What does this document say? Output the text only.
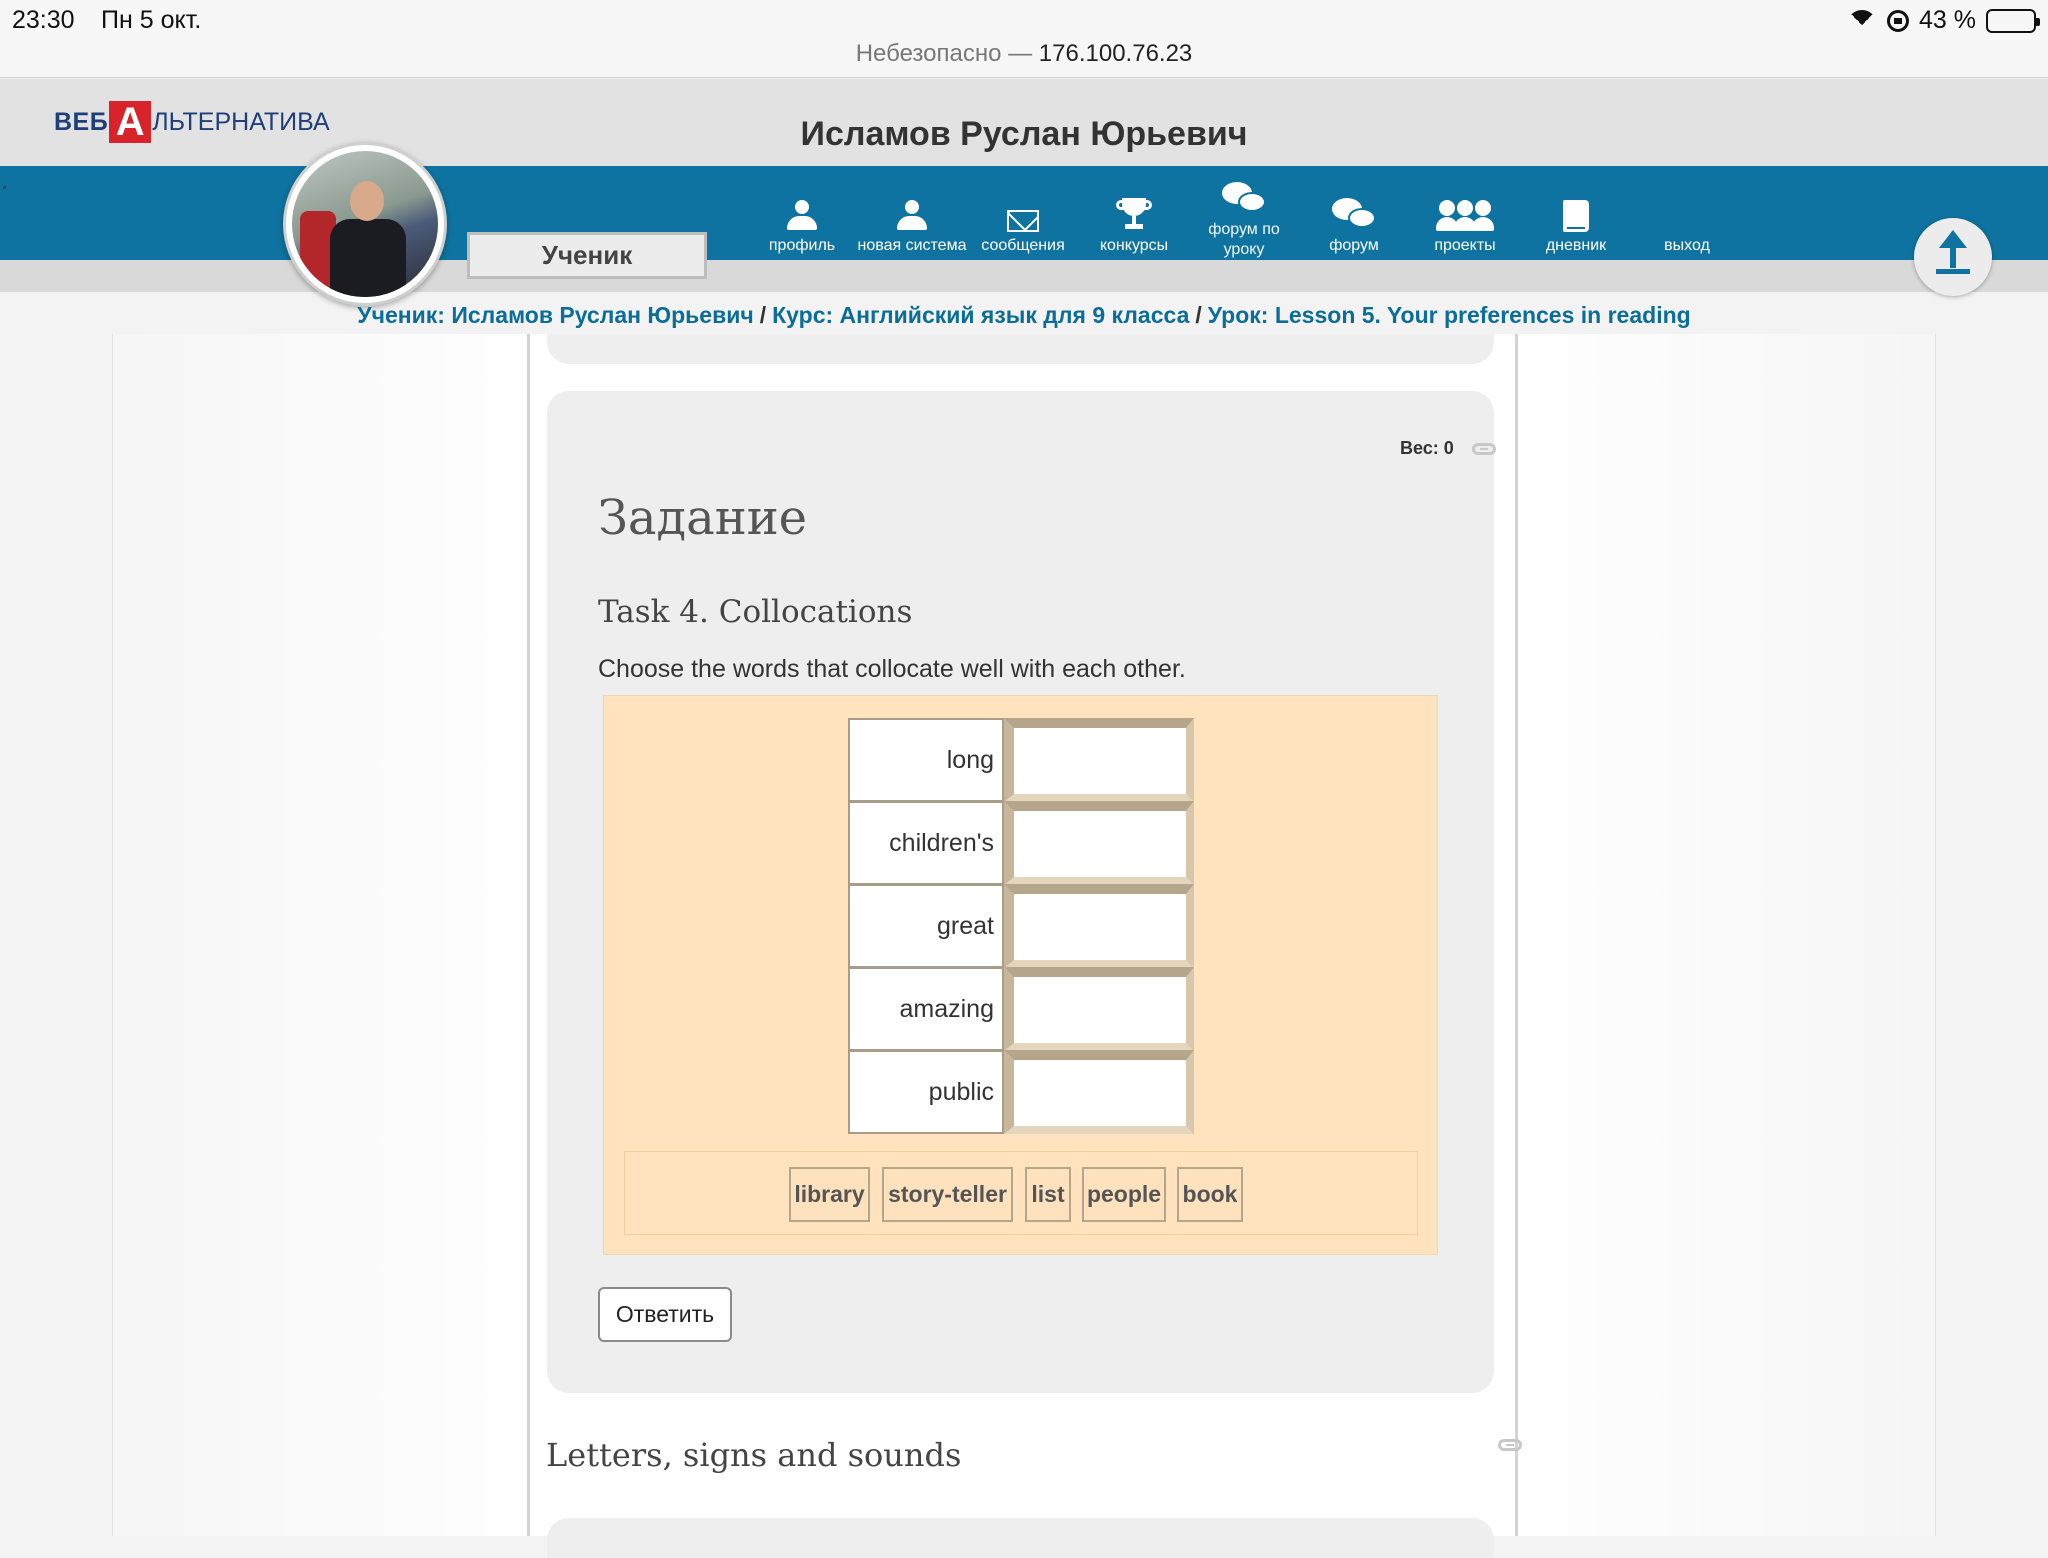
23:30 Пн 5 окт.
Небезопасно — 176.100.76.23
43 %
ВЕБ А ЛЬТЕРНАТИВА	Исламов Руслан Юрьевич
профиль новая система сообщения конкурсы
форум по уроку	форум	проекты	дневник	выход
Ученик
Ученик: Исламов Руслан Юрьевич / Курс: Английский язык для 9 класса / Урок: Lesson 5. Your preferences in reading
Вес: 0
Задание
Task 4. Collocations
Choose the words that collocate well with each other.
long
children's
great
amazing
public
library story-teller list people book
Ответить
Letters, signs and sounds
